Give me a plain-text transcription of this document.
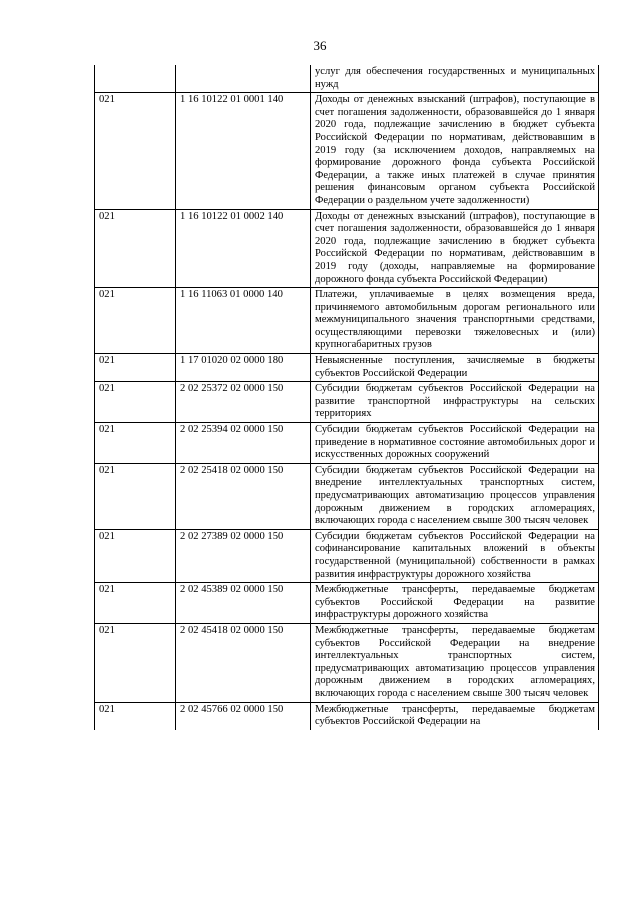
36
		услуг для обеспечения государственных и муниципальных нужд
021	1 16 10122 01 0001 140	Доходы от денежных взысканий (штрафов), поступающие в счет погашения задолженности, образовавшейся до 1 января 2020 года, подлежащие зачислению в бюджет субъекта Российской Федерации по нормативам, действовавшим в 2019 году (за исключением доходов, направляемых на формирование дорожного фонда субъекта Российской Федерации, а также иных платежей в случае принятия решения финансовым органом субъекта Российской Федерации о раздельном учете задолженности)
021	1 16 10122 01 0002 140	Доходы от денежных взысканий (штрафов), поступающие в счет погашения задолженности, образовавшейся до 1 января 2020 года, подлежащие зачислению в бюджет субъекта Российской Федерации по нормативам, действовавшим в 2019 году (доходы, направляемые на формирование дорожного фонда субъекта Российской Федерации)
021	1 16 11063 01 0000 140	Платежи, уплачиваемые в целях возмещения вреда, причиняемого автомобильным дорогам регионального или межмуниципального значения транспортными средствами, осуществляющими перевозки тяжеловесных и (или) крупногабаритных грузов
021	1 17 01020 02 0000 180	Невыясненные поступления, зачисляемые в бюджеты субъектов Российской Федерации
021	2 02 25372 02 0000 150	Субсидии бюджетам субъектов Российской Федерации на развитие транспортной инфраструктуры на сельских территориях
021	2 02 25394 02 0000 150	Субсидии бюджетам субъектов Российской Федерации на приведение в нормативное состояние автомобильных дорог и искусственных дорожных сооружений
021	2 02 25418 02 0000 150	Субсидии бюджетам субъектов Российской Федерации на внедрение интеллектуальных транспортных систем, предусматривающих автоматизацию процессов управления дорожным движением в городских агломерациях, включающих города с населением свыше 300 тысяч человек
021	2 02 27389 02 0000 150	Субсидии бюджетам субъектов Российской Федерации на софинансирование капитальных вложений в объекты государственной (муниципальной) собственности в рамках развития инфраструктуры дорожного хозяйства
021	2 02 45389 02 0000 150	Межбюджетные трансферты, передаваемые бюджетам субъектов Российской Федерации на развитие инфраструктуры дорожного хозяйства
021	2 02 45418 02 0000 150	Межбюджетные трансферты, передаваемые бюджетам субъектов Российской Федерации на внедрение интеллектуальных транспортных систем, предусматривающих автоматизацию процессов управления дорожным движением в городских агломерациях, включающих города с населением свыше 300 тысяч человек
021	2 02 45766 02 0000 150	Межбюджетные трансферты, передаваемые бюджетам субъектов Российской Федерации на
